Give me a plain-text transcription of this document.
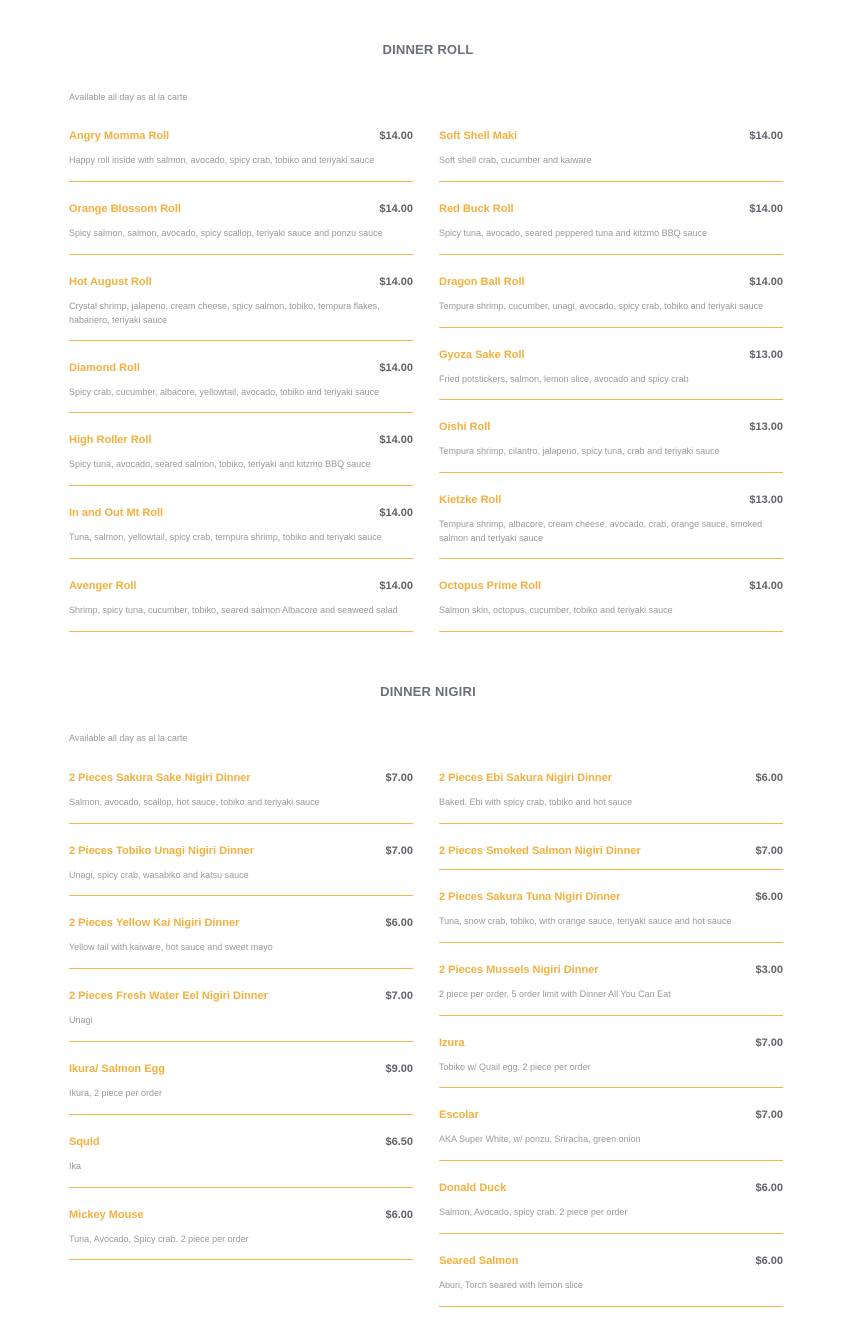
DINNER ROLL
Available all day as al la carte
Angry Momma Roll	$14.00
Happy roll inside with salmon, avocado, spicy crab, tobiko and teriyaki sauce
Orange Blossom Roll	$14.00
Spicy salmon, salmon, avocado, spicy scallop, teriyaki sauce and ponzu sauce
Hot August Roll	$14.00
Crystal shrimp, jalapeno, cream cheese, spicy salmon, tobiko, tempura flakes, habanero, teriyaki sauce
Diamond Roll	$14.00
Spicy crab, cucumber, albacore, yellowtail, avocado, tobiko and teriyaki sauce
High Roller Roll	$14.00
Spicy tuna, avocado, seared salmon, tobiko, teriyaki and kitzmo BBQ sauce
In and Out Mt Roll	$14.00
Tuna, salmon, yellowtail, spicy crab, tempura shrimp, tobiko and teriyaki sauce
Avenger Roll	$14.00
Shrimp, spicy tuna, cucumber, tobiko, seared salmon Albacore and seaweed salad
Soft Shell Maki	$14.00
Soft shell crab, cucumber and kaiware
Red Buck Roll	$14.00
Spicy tuna, avocado, seared peppered tuna and kitzmo BBQ sauce
Dragon Ball Roll	$14.00
Tempura shrimp, cucumber, unagi, avocado, spicy crab, tobiko and teriyaki sauce
Gyoza Sake Roll	$13.00
Fried potstickers, salmon, lemon slice, avocado and spicy crab
Oishi Roll	$13.00
Tempura shrimp, cilantro, jalapeno, spicy tuna, crab and teriyaki sauce
Kietzke Roll	$13.00
Tempura shrimp, albacore, cream cheese, avocado, crab, orange sauce, smoked salmon and teriyaki sauce
Octopus Prime Roll	$14.00
Salmon skin, octopus, cucumber, tobiko and teriyaki sauce
DINNER NIGIRI
Available all day as al la carte
2 Pieces Sakura Sake Nigiri Dinner	$7.00
Salmon, avocado, scallop, hot sauce, tobiko and teriyaki sauce
2 Pieces Tobiko Unagi Nigiri Dinner	$7.00
Unagi, spicy crab, wasabiko and katsu sauce
2 Pieces Yellow Kai Nigiri Dinner	$6.00
Yellow tail with kaiware, hot sauce and sweet mayo
2 Pieces Fresh Water Eel Nigiri Dinner	$7.00
Unagi
Ikura/ Salmon Egg	$9.00
Ikura, 2 piece per order
Squid	$6.50
Ika
Mickey Mouse	$6.00
Tuna, Avocado, Spicy crab. 2 piece per order
2 Pieces Ebi Sakura Nigiri Dinner	$6.00
Baked. Ebi with spicy crab, tobiko and hot sauce
2 Pieces Smoked Salmon Nigiri Dinner	$7.00
2 Pieces Sakura Tuna Nigiri Dinner	$6.00
Tuna, snow crab, tobiko, with orange sauce, teriyaki sauce and hot sauce
2 Pieces Mussels Nigiri Dinner	$3.00
2 piece per order, 5 order limit with Dinner All You Can Eat
Izura	$7.00
Tobiko w/ Quail egg, 2 piece per order
Escolar	$7.00
AKA Super White, w/ ponzu, Sriracha, green onion
Donald Duck	$6.00
Salmon, Avocado, spicy crab. 2 piece per order
Seared Salmon	$6.00
Aburi, Torch seared with lemon slice
